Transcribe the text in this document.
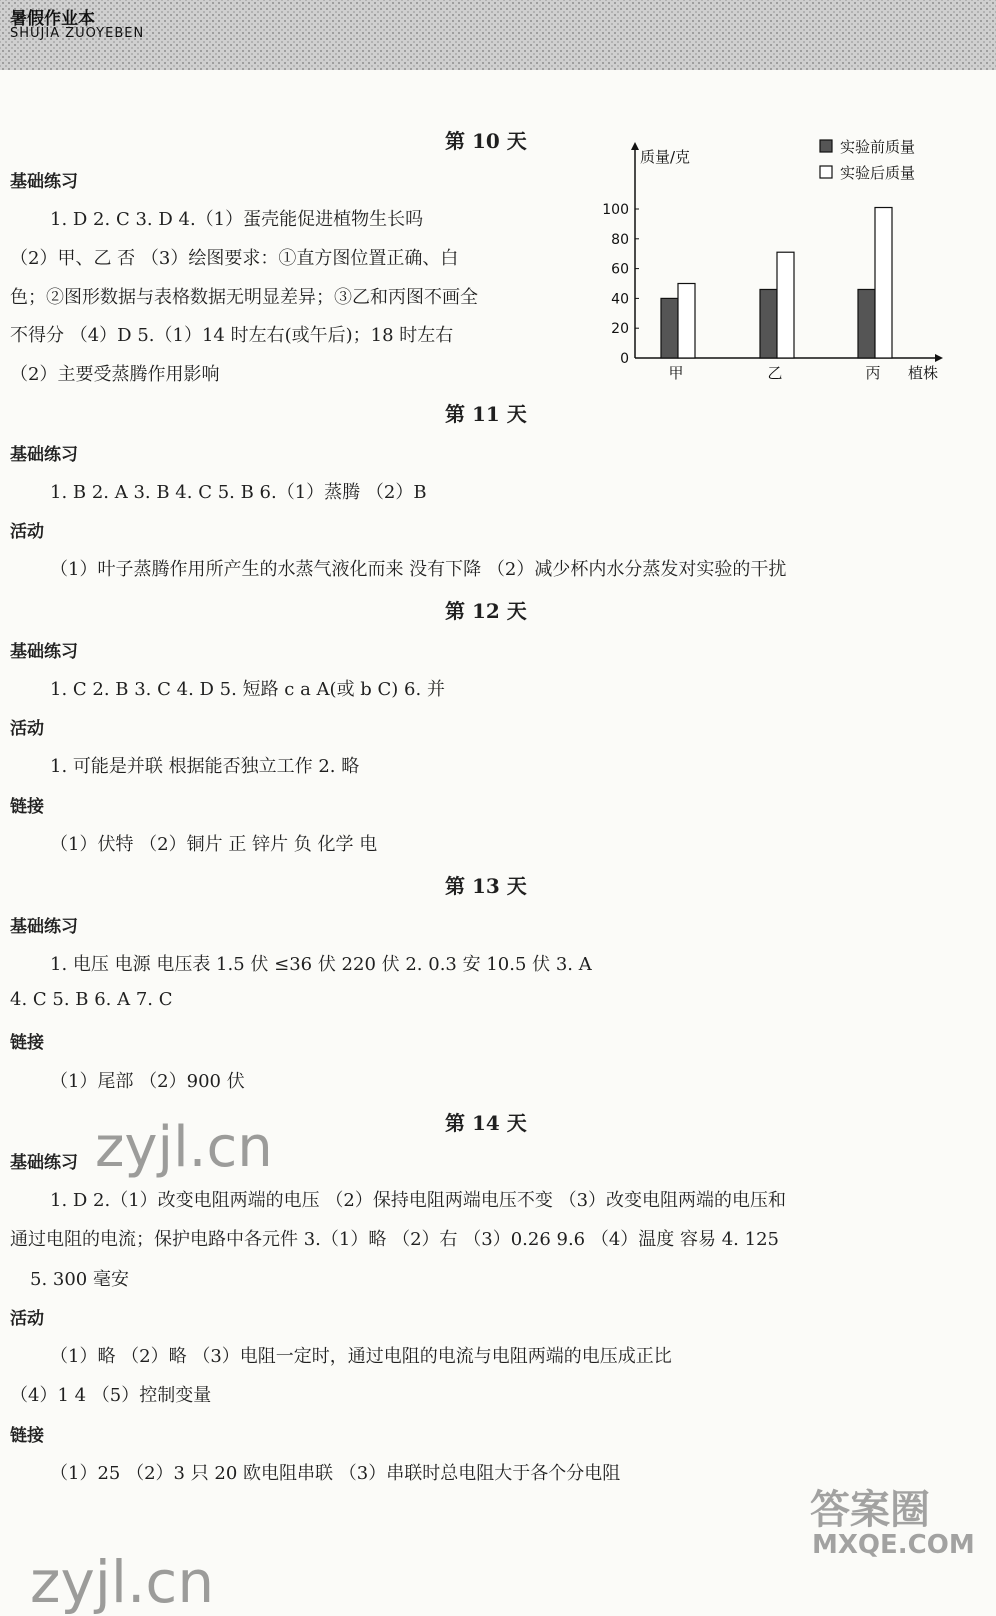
暑假作业本
SHUJIA ZUOYEBEN
第 10 天
基础练习
1. D 2. C 3. D 4.（1）蛋壳能促进植物生长吗
（2）甲、乙 否 （3）绘图要求：①直方图位置正确、白
色；②图形数据与表格数据无明显差异；③乙和丙图不画全
不得分 （4）D 5.（1）14 时左右(或午后)；18 时左右
（2）主要受蒸腾作用影响
质量/克
植株
0
20
40
60
80
100
甲	乙	丙
实验前质量
实验后质量
第 11 天
基础练习
1. B 2. A 3. B 4. C 5. B 6.（1）蒸腾 （2）B
活动
（1）叶子蒸腾作用所产生的水蒸气液化而来 没有下降 （2）减少杯内水分蒸发对实验的干扰
第 12 天
基础练习
1. C 2. B 3. C 4. D 5. 短路 c a A(或 b C) 6. 并
活动
1. 可能是并联 根据能否独立工作 2. 略
链接
（1）伏特 （2）铜片 正 锌片 负 化学 电
第 13 天
基础练习
1. 电压 电源 电压表 1.5 伏 ≤36 伏 220 伏 2. 0.3 安 10.5 伏 3. A
4. C 5. B 6. A 7. C
链接
（1）尾部 （2）900 伏
第 14 天
基础练习
1. D 2.（1）改变电阻两端的电压 （2）保持电阻两端电压不变 （3）改变电阻两端的电压和
通过电阻的电流；保护电路中各元件 3.（1）略 （2）右 （3）0.26 9.6 （4）温度 容易 4. 125
5. 300 毫安
活动
（1）略 （2）略 （3）电阻一定时，通过电阻的电流与电阻两端的电压成正比
（4）1 4 （5）控制变量
链接
（1）25 （2）3 只 20 欧电阻串联 （3）串联时总电阻大于各个分电阻
zyjl.cn
答案圈
MXQE.COM
zyjl.cn
